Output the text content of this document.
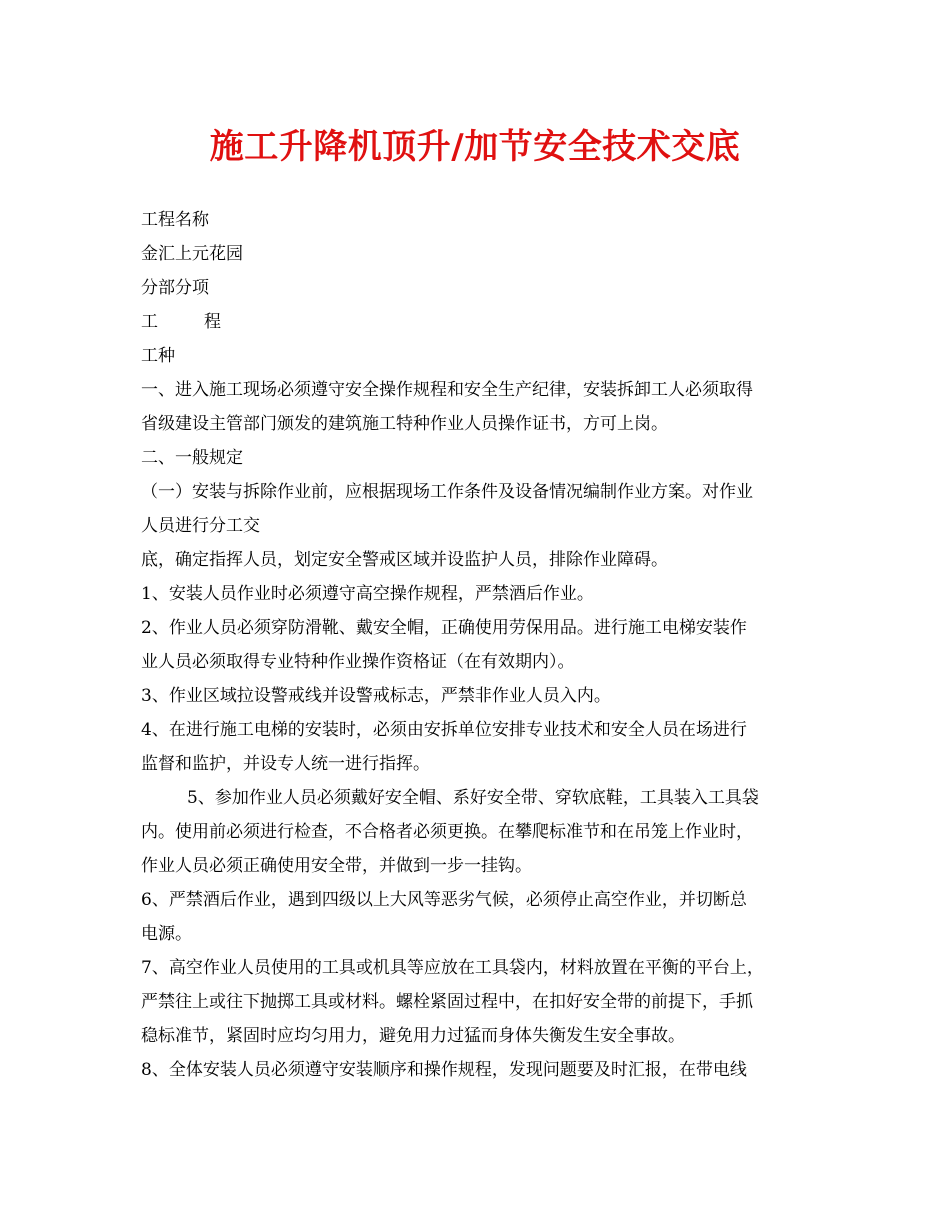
施工升降机顶升/加节安全技术交底
工程名称
金汇上元花园
分部分项
工	程
工种
一、进入施工现场必须遵守安全操作规程和安全生产纪律，安装拆卸工人必须取得
省级建设主管部门颁发的建筑施工特种作业人员操作证书，方可上岗。
二、一般规定
（一）安装与拆除作业前，应根据现场工作条件及设备情况编制作业方案。对作业
人员进行分工交
底，确定指挥人员，划定安全警戒区域并设监护人员，排除作业障碍。
1、安装人员作业时必须遵守高空操作规程，严禁酒后作业。
2、作业人员必须穿防滑靴、戴安全帽，正确使用劳保用品。进行施工电梯安装作
业人员必须取得专业特种作业操作资格证（在有效期内）。
3、作业区域拉设警戒线并设警戒标志，严禁非作业人员入内。
4、在进行施工电梯的安装时，必须由安拆单位安排专业技术和安全人员在场进行
监督和监护，并设专人统一进行指挥。
5、参加作业人员必须戴好安全帽、系好安全带、穿软底鞋，工具装入工具袋
内。使用前必须进行检查，不合格者必须更换。在攀爬标准节和在吊笼上作业时，
作业人员必须正确使用安全带，并做到一步一挂钩。
6、严禁酒后作业，遇到四级以上大风等恶劣气候，必须停止高空作业，并切断总
电源。
7、高空作业人员使用的工具或机具等应放在工具袋内，材料放置在平衡的平台上，
严禁往上或往下抛掷工具或材料。螺栓紧固过程中，在扣好安全带的前提下，手抓
稳标准节，紧固时应均匀用力，避免用力过猛而身体失衡发生安全事故。
8、全体安装人员必须遵守安装顺序和操作规程，发现问题要及时汇报，在带电线
